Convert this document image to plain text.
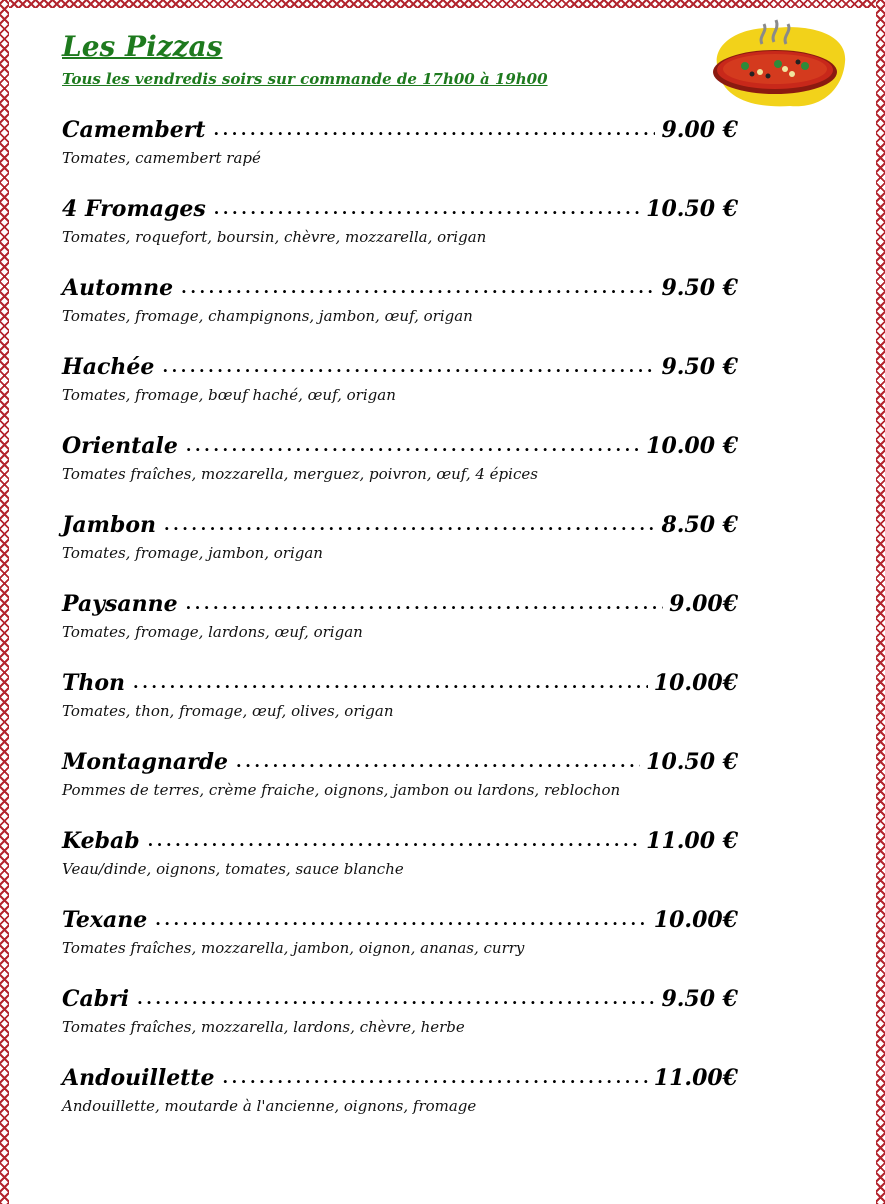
Les Pizzas
Tous les vendredis soirs sur commande de 17h00 à 19h00
Camembert . . .	9.00 €
Tomates, camembert rapé
4 Fromages . . .	10.50 €
Tomates, roquefort, boursin, chèvre, mozzarella, origan
Automne . . .	9.50 €
Tomates, fromage, champignons, jambon, œuf, origan
Hachée . . .	9.50 €
Tomates, fromage, bœuf haché, œuf, origan
Orientale . . .	10.00 €
Tomates fraîches, mozzarella, merguez, poivron, œuf, 4 épices
Jambon . . .	8.50 €
Tomates, fromage, jambon, origan
Paysanne . . .	9.00€
Tomates, fromage, lardons, œuf, origan
Thon . . .	10.00€
Tomates, thon, fromage, œuf, olives, origan
Montagnarde . . .	10.50 €
Pommes de terres, crème fraiche, oignons, jambon ou lardons, reblochon
Kebab . . .	11.00 €
Veau/dinde, oignons, tomates, sauce blanche
Texane . . .	10.00€
Tomates fraîches, mozzarella, jambon, oignon, ananas, curry
Cabri . . .	9.50 €
Tomates fraîches, mozzarella, lardons, chèvre, herbe
Andouillette . . .	11.00€
Andouillette, moutarde à l'ancienne, oignons, fromage
